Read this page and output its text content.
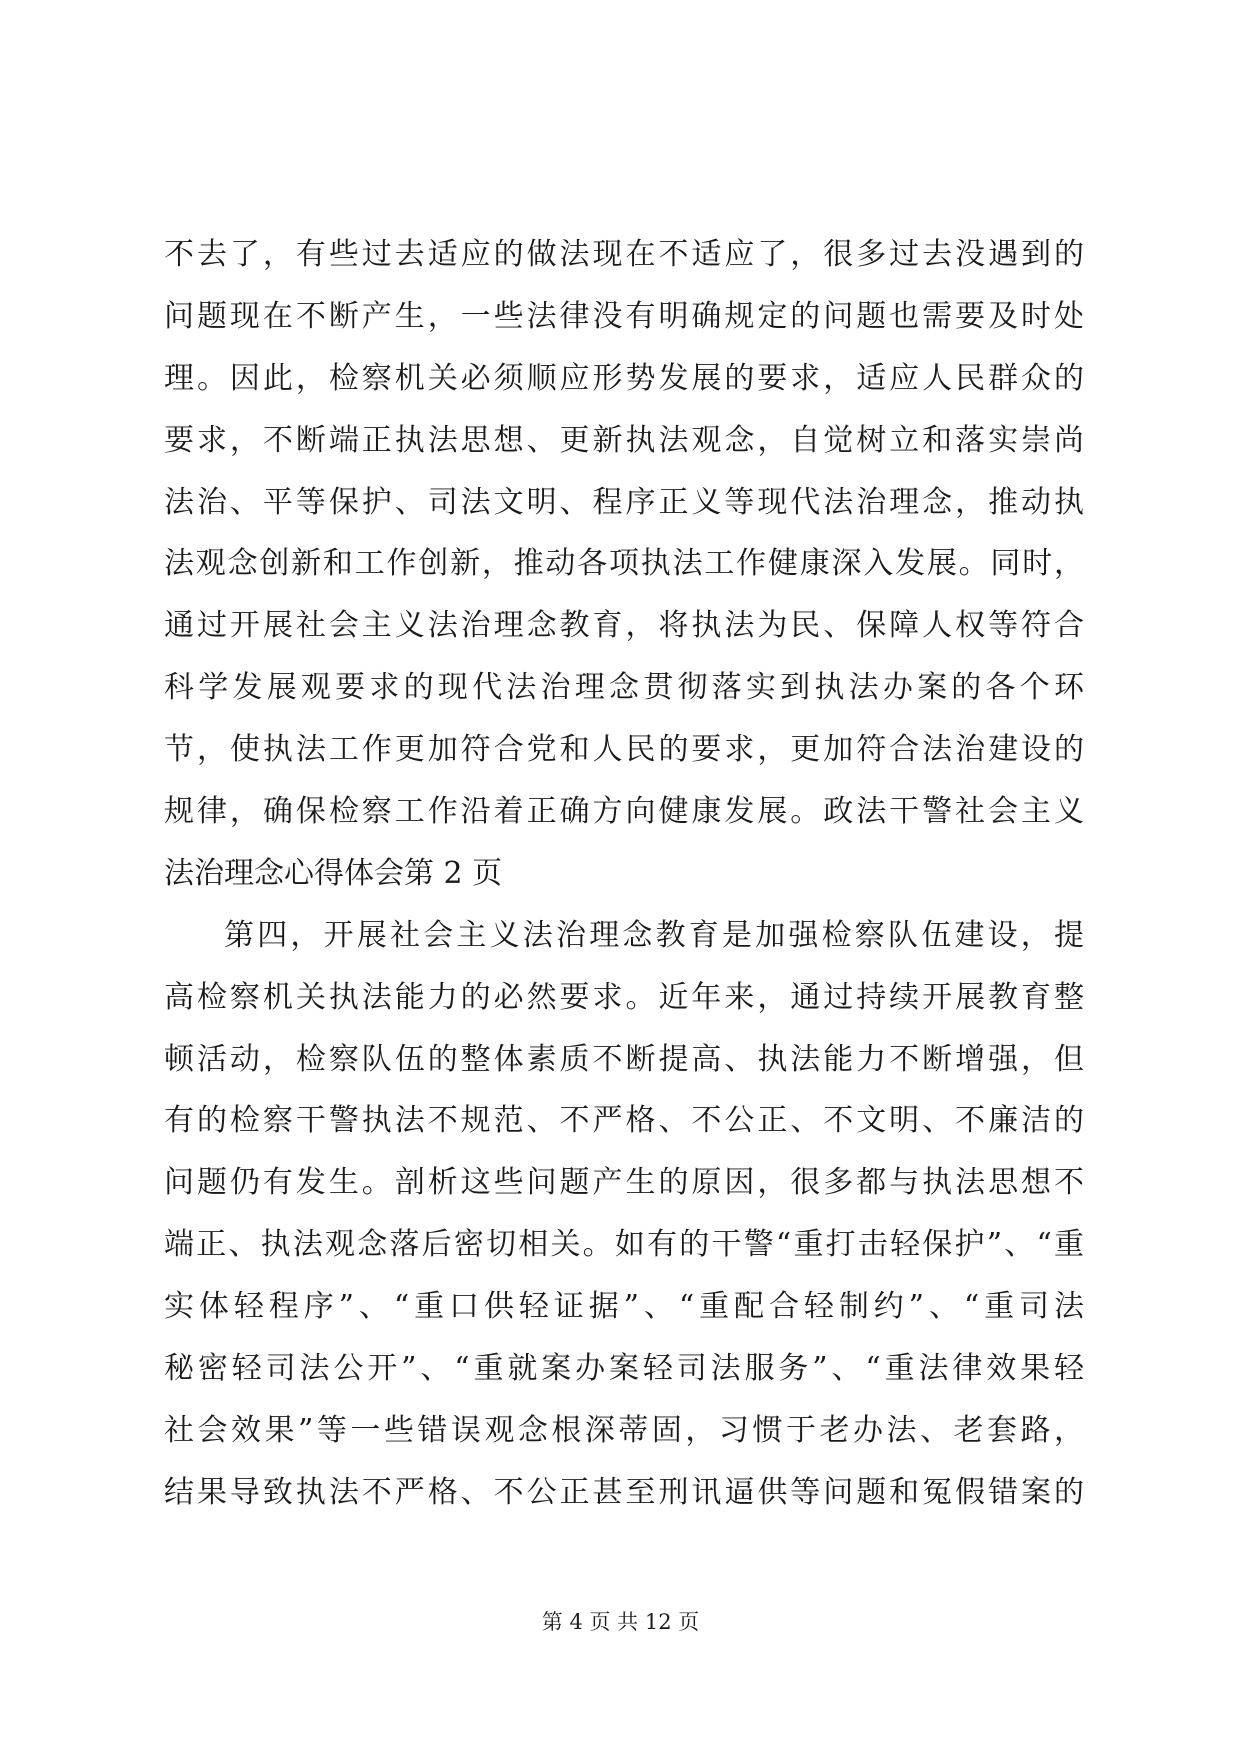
不去了，有些过去适应的做法现在不适应了，很多过去没遇到的
问题现在不断产生，一些法律没有明确规定的问题也需要及时处
理。因此，检察机关必须顺应形势发展的要求，适应人民群众的
要求，不断端正执法思想、更新执法观念，自觉树立和落实崇尚
法治、平等保护、司法文明、程序正义等现代法治理念，推动执
法观念创新和工作创新，推动各项执法工作健康深入发展。同时，
通过开展社会主义法治理念教育，将执法为民、保障人权等符合
科学发展观要求的现代法治理念贯彻落实到执法办案的各个环
节，使执法工作更加符合党和人民的要求，更加符合法治建设的
规律，确保检察工作沿着正确方向健康发展。政法干警社会主义
法治理念心得体会第 2 页
第四，开展社会主义法治理念教育是加强检察队伍建设，提
高检察机关执法能力的必然要求。近年来，通过持续开展教育整
顿活动，检察队伍的整体素质不断提高、执法能力不断增强，但
有的检察干警执法不规范、不严格、不公正、不文明、不廉洁的
问题仍有发生。剖析这些问题产生的原因，很多都与执法思想不
端正、执法观念落后密切相关。如有的干警“重打击轻保护”、“重
实体轻程序”、“重口供轻证据”、“重配合轻制约”、“重司法
秘密轻司法公开”、“重就案办案轻司法服务”、“重法律效果轻
社会效果”等一些错误观念根深蒂固，习惯于老办法、老套路，
结果导致执法不严格、不公正甚至刑讯逼供等问题和冤假错案的
第 4 页 共 12 页
